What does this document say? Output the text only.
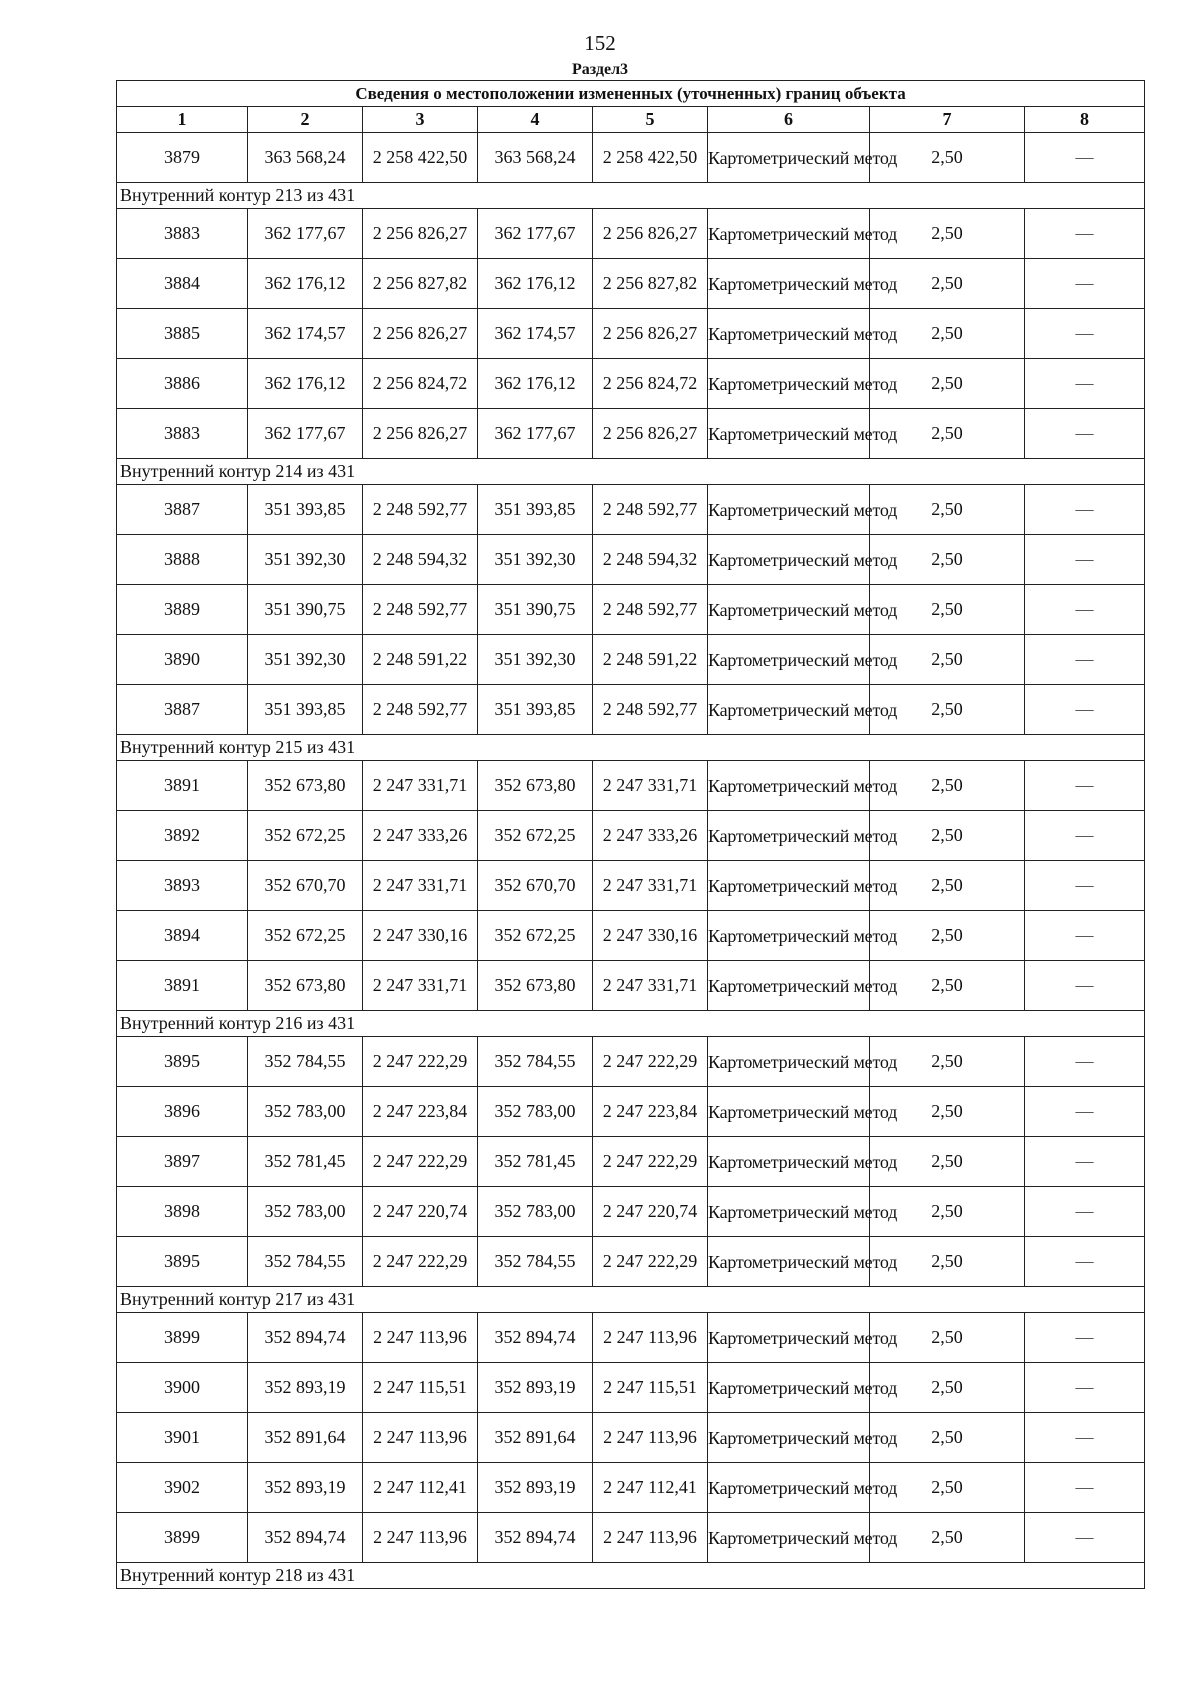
152
Раздел3
Сведения о местоположении измененных (уточненных) границ объекта							
1	2	3	4	5	6	7	8
3879	363 568,24	2 258 422,50	363 568,24	2 258 422,50	Картометрический метод	2,50	—
Внутренний контур 213 из 431							
3883	362 177,67	2 256 826,27	362 177,67	2 256 826,27	Картометрический метод	2,50	—
3884	362 176,12	2 256 827,82	362 176,12	2 256 827,82	Картометрический метод	2,50	—
3885	362 174,57	2 256 826,27	362 174,57	2 256 826,27	Картометрический метод	2,50	—
3886	362 176,12	2 256 824,72	362 176,12	2 256 824,72	Картометрический метод	2,50	—
3883	362 177,67	2 256 826,27	362 177,67	2 256 826,27	Картометрический метод	2,50	—
Внутренний контур 214 из 431							
3887	351 393,85	2 248 592,77	351 393,85	2 248 592,77	Картометрический метод	2,50	—
3888	351 392,30	2 248 594,32	351 392,30	2 248 594,32	Картометрический метод	2,50	—
3889	351 390,75	2 248 592,77	351 390,75	2 248 592,77	Картометрический метод	2,50	—
3890	351 392,30	2 248 591,22	351 392,30	2 248 591,22	Картометрический метод	2,50	—
3887	351 393,85	2 248 592,77	351 393,85	2 248 592,77	Картометрический метод	2,50	—
Внутренний контур 215 из 431							
3891	352 673,80	2 247 331,71	352 673,80	2 247 331,71	Картометрический метод	2,50	—
3892	352 672,25	2 247 333,26	352 672,25	2 247 333,26	Картометрический метод	2,50	—
3893	352 670,70	2 247 331,71	352 670,70	2 247 331,71	Картометрический метод	2,50	—
3894	352 672,25	2 247 330,16	352 672,25	2 247 330,16	Картометрический метод	2,50	—
3891	352 673,80	2 247 331,71	352 673,80	2 247 331,71	Картометрический метод	2,50	—
Внутренний контур 216 из 431							
3895	352 784,55	2 247 222,29	352 784,55	2 247 222,29	Картометрический метод	2,50	—
3896	352 783,00	2 247 223,84	352 783,00	2 247 223,84	Картометрический метод	2,50	—
3897	352 781,45	2 247 222,29	352 781,45	2 247 222,29	Картометрический метод	2,50	—
3898	352 783,00	2 247 220,74	352 783,00	2 247 220,74	Картометрический метод	2,50	—
3895	352 784,55	2 247 222,29	352 784,55	2 247 222,29	Картометрический метод	2,50	—
Внутренний контур 217 из 431							
3899	352 894,74	2 247 113,96	352 894,74	2 247 113,96	Картометрический метод	2,50	—
3900	352 893,19	2 247 115,51	352 893,19	2 247 115,51	Картометрический метод	2,50	—
3901	352 891,64	2 247 113,96	352 891,64	2 247 113,96	Картометрический метод	2,50	—
3902	352 893,19	2 247 112,41	352 893,19	2 247 112,41	Картометрический метод	2,50	—
3899	352 894,74	2 247 113,96	352 894,74	2 247 113,96	Картометрический метод	2,50	—
Внутренний контур 218 из 431							
